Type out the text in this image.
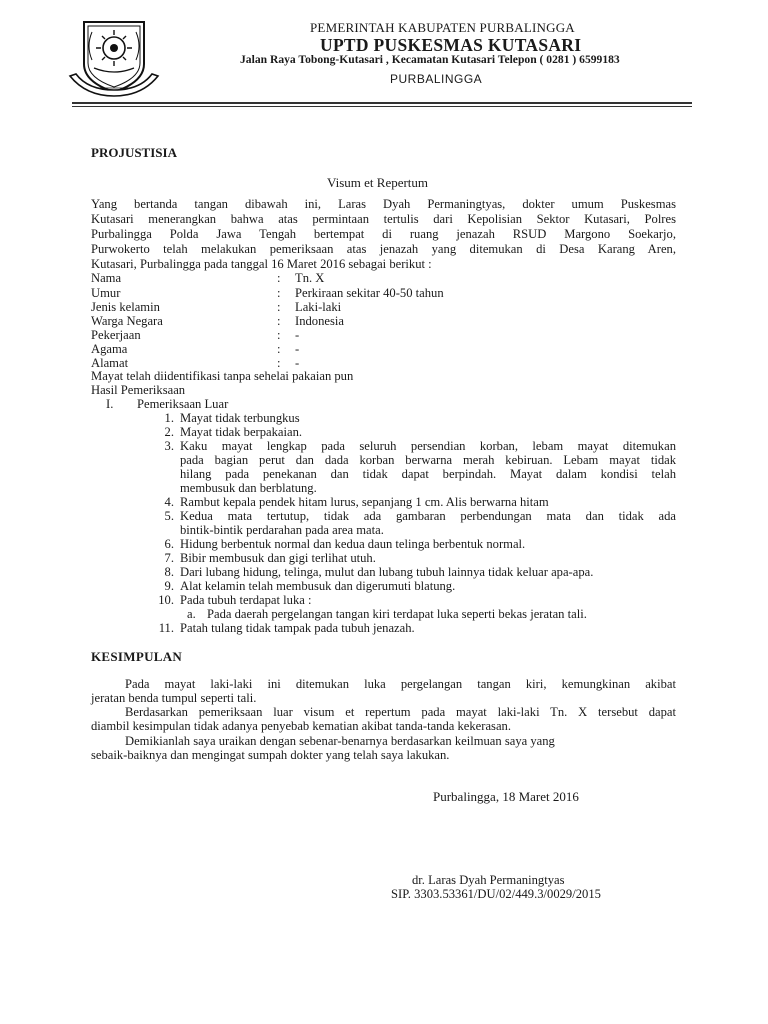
PEMERINTAH KABUPATEN PURBALINGGA
UPTD PUSKESMAS KUTASARI
Jalan Raya Tobong-Kutasari , Kecamatan Kutasari Telepon ( 0281 ) 6599183
PURBALINGGA
PROJUSTISIA
Visum et Repertum
Yang bertanda tangan dibawah ini, Laras Dyah Permaningtyas, dokter umum Puskesmas
Kutasari menerangkan bahwa atas permintaan tertulis dari Kepolisian Sektor Kutasari, Polres
Purbalingga Polda Jawa Tengah bertempat di ruang jenazah RSUD Margono Soekarjo,
Purwokerto telah melakukan pemeriksaan atas jenazah yang ditemukan di Desa Karang Aren,
Kutasari, Purbalingga pada tanggal 16 Maret 2016 sebagai berikut :
Nama	: Tn. X
Umur	: Perkiraan sekitar 40-50 tahun
Jenis kelamin	: Laki-laki
Warga Negara	: Indonesia
Pekerjaan	: -
Agama	: -
Alamat	: -
Mayat telah diidentifikasi tanpa sehelai pakaian pun
Hasil Pemeriksaan
I. Pemeriksaan Luar
1. Mayat tidak terbungkus
2. Mayat tidak berpakaian.
3. Kaku mayat lengkap pada seluruh persendian korban, lebam mayat ditemukan
pada bagian perut dan dada korban berwarna merah kebiruan. Lebam mayat tidak
hilang pada penekanan dan tidak dapat berpindah. Mayat dalam kondisi telah
membusuk dan berblatung.
4. Rambut kepala pendek hitam lurus, sepanjang 1 cm. Alis berwarna hitam
5. Kedua mata tertutup, tidak ada gambaran perbendungan mata dan tidak ada
bintik-bintik perdarahan pada area mata.
6. Hidung berbentuk normal dan kedua daun telinga berbentuk normal.
7. Bibir membusuk dan gigi terlihat utuh.
8. Dari lubang hidung, telinga, mulut dan lubang tubuh lainnya tidak keluar apa-apa.
9. Alat kelamin telah membusuk dan digerumuti blatung.
10. Pada tubuh terdapat luka :
a. Pada daerah pergelangan tangan kiri terdapat luka seperti bekas jeratan tali.
11. Patah tulang tidak tampak pada tubuh jenazah.
KESIMPULAN
Pada mayat laki-laki ini ditemukan luka pergelangan tangan kiri, kemungkinan akibat
jeratan benda tumpul seperti tali.
Berdasarkan pemeriksaan luar visum et repertum pada mayat laki-laki Tn. X tersebut dapat
diambil kesimpulan tidak adanya penyebab kematian akibat tanda-tanda kekerasan.
Demikianlah saya uraikan dengan sebenar-benarnya berdasarkan keilmuan saya yang
sebaik-baiknya dan mengingat sumpah dokter yang telah saya lakukan.
Purbalingga, 18 Maret 2016
dr. Laras Dyah Permaningtyas
SIP. 3303.53361/DU/02/449.3/0029/2015
